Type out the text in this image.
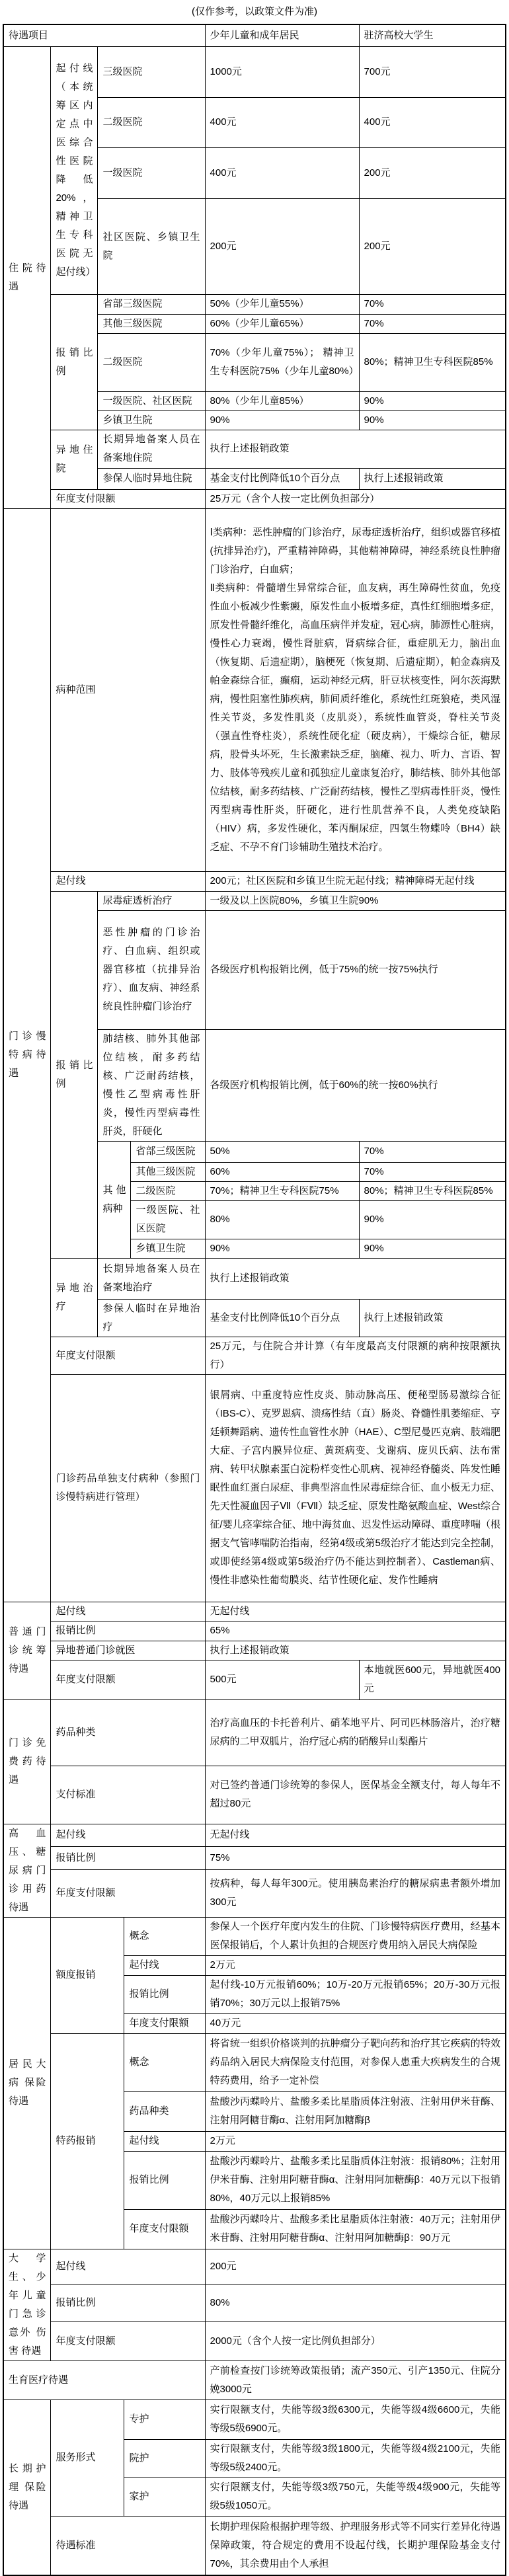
(仅作参考，以政策文件为准)
待遇项目					少年儿童和成年居民	驻济高校大学生
住院待遇	起付线（本统筹区内定点中医综合性医院降低20%，精神卫生专科医院无起付线）	三级医院			1000元	700元
		二级医院			400元	400元
		一级医院			400元	200元
		社区医院、乡镇卫生院			200元	200元
	报销比例	省部三级医院			50%（少年儿童55%）	70%
		其他三级医院			60%（少年儿童65%）	70%
		二级医院			70%（少年儿童75%）； 精神卫生专科医院75%（少年儿童80%）	80%；精神卫生专科医院85%
		一级医院、社区医院			80%（少年儿童85%）	90%
		乡镇卫生院			90%	90%
	异地住院	长期异地备案人员在备案地住院			执行上述报销政策	
		参保人临时异地住院			基金支付比例降低10个百分点	执行上述报销政策
	年度支付限额				25万元（含个人按一定比例负担部分）	
门诊慢特病待遇	病种范围				Ⅰ类病种：恶性肿瘤的门诊治疗，尿毒症透析治疗，组织或器官移植(抗排异治疗)，严重精神障碍，其他精神障碍，神经系统良性肿瘤门诊治疗，白血病；

Ⅱ类病种：骨髓增生异常综合征，血友病，再生障碍性贫血，免疫性血小板减少性紫癜，原发性血小板增多症，真性红细胞增多症，原发性骨髓纤维化，高血压病伴并发症，冠心病，肺源性心脏病，慢性心力衰竭，慢性肾脏病，肾病综合征，重症肌无力，脑出血（恢复期、后遗症期），脑梗死（恢复期、后遗症期），帕金森病及帕金森综合征，癫痫，运动神经元病，肝豆状核变性，阿尔茨海默病，慢性阻塞性肺疾病，肺间质纤维化，系统性红斑狼疮，类风湿性关节炎，多发性肌炎（皮肌炎），系统性血管炎，脊柱关节炎（强直性脊柱炎），系统性硬化症（硬皮病），干燥综合征，糖尿病，股骨头坏死，生长激素缺乏症，脑瘫、视力、听力、言语、智力、肢体等残疾儿童和孤独症儿童康复治疗，肺结核、肺外其他部位结核，耐多药结核、广泛耐药结核，慢性乙型病毒性肝炎，慢性丙型病毒性肝炎，肝硬化，进行性肌营养不良，人类免疫缺陷（HIV）病，多发性硬化，苯丙酮尿症，四氢生物蝶呤（BH4）缺乏症、不孕不育门诊辅助生殖技术治疗。	

	起付线				200元；社区医院和乡镇卫生院无起付线；精神障碍无起付线	
	报销比例	尿毒症透析治疗			一级及以上医院80%，乡镇卫生院90%	
		恶性肿瘤的门诊治疗、白血病、组织或器官移植（抗排异治疗）、血友病、神经系统良性肿瘤门诊治疗			各级医疗机构报销比例，低于75%的统一按75%执行	
		肺结核、肺外其他部位结核，耐多药结核、广泛耐药结核，慢性乙型病毒性肝炎，慢性丙型病毒性肝炎，肝硬化			各级医疗机构报销比例，低于60%的统一按60%执行	
		其他病种		省部三级医院	50%	70%
				其他三级医院	60%	70%
				二级医院	70%；精神卫生专科医院75%	80%；精神卫生专科医院85%
				一级医院、社区医院	80%	90%
				乡镇卫生院	90%	90%
	异地治疗	长期异地备案人员在备案地治疗			执行上述报销政策	
		参保人临时在异地治疗			基金支付比例降低10个百分点	执行上述报销政策
	年度支付限额				25万元，与住院合并计算（有年度最高支付限额的病种按限额执行）	
	门诊药品单独支付病种（参照门诊慢特病进行管理）				银屑病、中重度特应性皮炎、肺动脉高压、便秘型肠易激综合征（IBS-C）、克罗恩病、溃疡性结（直）肠炎、脊髓性肌萎缩症、亨廷顿舞蹈病、遗传性血管性水肿（HAE）、C型尼曼匹克病、肢端肥大症、子宫内膜异位症、黄斑病变、戈谢病、庞贝氏病、法布雷病、转甲状腺素蛋白淀粉样变性心肌病、视神经脊髓炎、阵发性睡眠性血红蛋白尿症、非典型溶血性尿毒症综合征、血小板无力症、先天性凝血因子Ⅶ（FⅦ）缺乏症、原发性酪氨酸血症、West综合征/婴儿痉挛综合征、地中海贫血、迟发性运动障碍、重度哮喘（根据支气管哮喘防治指南，经第4级或第5级治疗才能达到完全控制，或即使经第4级或第5级治疗仍不能达到控制者）、Castleman病、慢性非感染性葡萄膜炎、结节性硬化症、发作性睡病	
普通门诊统筹待遇	起付线				无起付线	
	报销比例				65%	
	异地普通门诊就医				执行上述报销政策	
	年度支付限额				500元	本地就医600元，异地就医400元
门诊免费药待遇	药品种类				治疗高血压的卡托普利片、硝苯地平片、阿司匹林肠溶片，治疗糖尿病的二甲双胍片，治疗冠心病的硝酸异山梨酯片	
	支付标准				对已签约普通门诊统筹的参保人，医保基金全额支付，每人每年不超过80元	
高血压、糖尿病门诊用药待遇	起付线				无起付线	
	报销比例				75%	
	年度支付限额				按病种，每人每年300元。使用胰岛素治疗的糖尿病患者额外增加300元	
居民大病 保险待遇	额度报销		概念		参保人一个医疗年度内发生的住院、门诊慢特病医疗费用，经基本医保报销后，个人累计负担的合规医疗费用纳入居民大病保险	
			起付线		2万元	
			报销比例		起付线-10万元报销60%；10万-20万元报销65%；20万-30万元报销70%；30万元以上报销75%	
			年度支付限额		40万元	
	特药报销		概念		将省统一组织价格谈判的抗肿瘤分子靶向药和治疗其它疾病的特效药品纳入居民大病保险支付范围，对参保人患重大疾病发生的合规特药费用，给予一定补偿	
			药品种类		盐酸沙丙蝶呤片、盐酸多柔比星脂质体注射液、注射用伊米苷酶、注射用阿糖苷酶α、注射用阿加糖酶β	
			起付线		2万元	
			报销比例		盐酸沙丙蝶呤片、盐酸多柔比星脂质体注射液：报销80%；注射用伊米苷酶、注射用阿糖苷酶α、注射用阿加糖酶β：40万元以下报销80%，40万元以上报销85%	
			年度支付限额		盐酸沙丙蝶呤片、盐酸多柔比星脂质体注射液：40万元；注射用伊米苷酶、注射用阿糖苷酶α、注射用阿加糖酶β：90万元	
大学生、少年儿童门急诊意外 伤害 待遇	起付线				200元	
	报销比例				80%	
	年度支付限额				2000元（含个人按一定比例负担部分）	
生育医疗待遇					产前检查按门诊统筹政策报销；流产350元、引产1350元、住院分娩3000元	
长期护理 保险待遇	服务形式		专护		实行限额支付，失能等级3级6300元，失能等级4级6600元，失能等级5级6900元。	
			院护		实行限额支付，失能等级3级1800元，失能等级4级2100元，失能等级5级2400元。	
			家护		实行限额支付，失能等级3级750元，失能等级4级900元，失能等级5级1050元。	
	待遇标准				长期护理保险根据护理等级、护理服务形式等不同实行差异化待遇保障政策，符合规定的费用不设起付线，长期护理保险基金支付70%，其余费用由个人承担	
